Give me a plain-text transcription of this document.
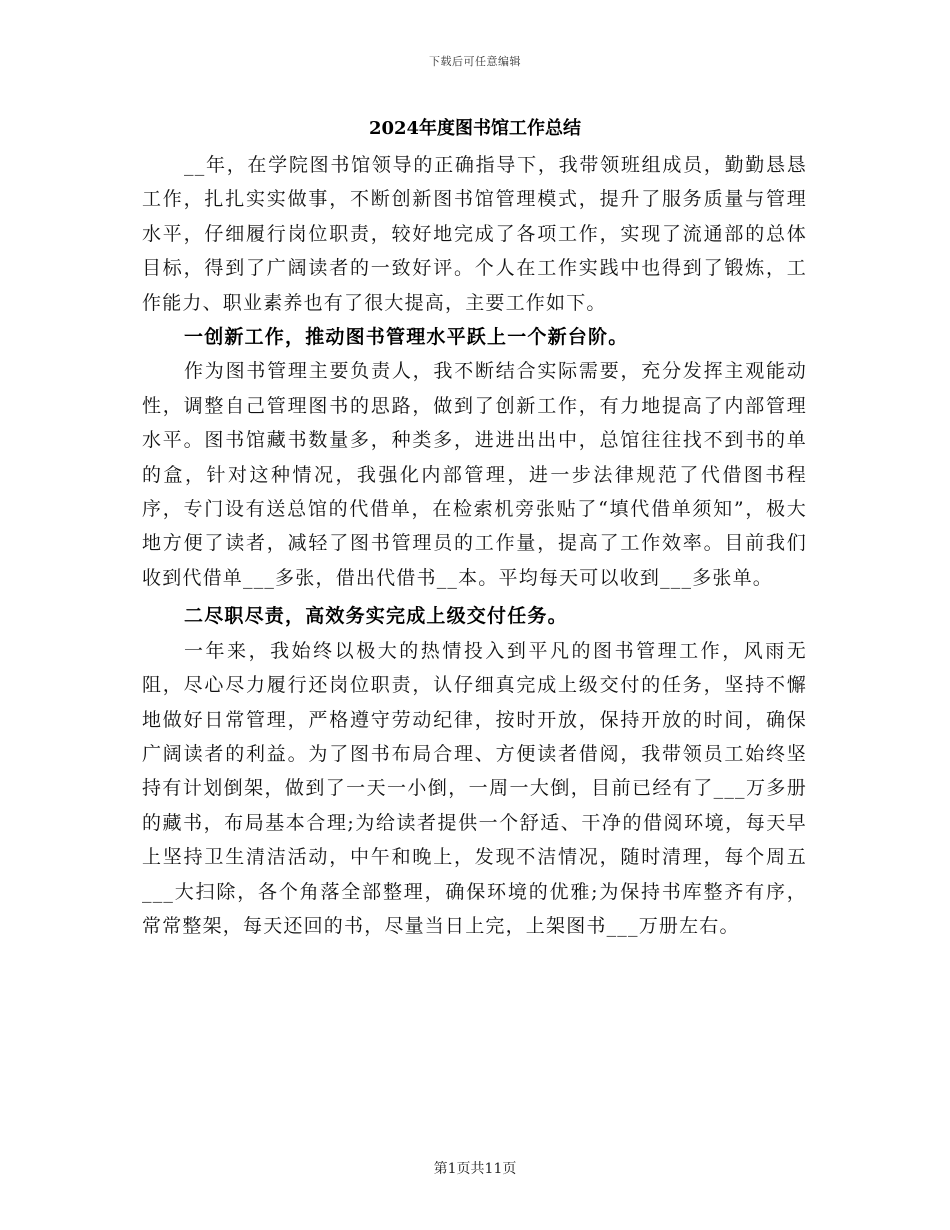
下载后可任意编辑
2024年度图书馆工作总结

__年，在学院图书馆领导的正确指导下，我带领班组成员，勤勤恳恳工作，扎扎实实做事，不断创新图书馆管理模式，提升了服务质量与管理水平，仔细履行岗位职责，较好地完成了各项工作，实现了流通部的总体目标，得到了广阔读者的一致好评。个人在工作实践中也得到了锻炼，工作能力、职业素养也有了很大提高，主要工作如下。

一创新工作，推动图书管理水平跃上一个新台阶。

作为图书管理主要负责人，我不断结合实际需要，充分发挥主观能动性，调整自己管理图书的思路，做到了创新工作，有力地提高了内部管理水平。图书馆藏书数量多，种类多，进进出出中，总馆往往找不到书的单的盒，针对这种情况，我强化内部管理，进一步法律规范了代借图书程序，专门设有送总馆的代借单，在检索机旁张贴了“填代借单须知”，极大地方便了读者，减轻了图书管理员的工作量，提高了工作效率。目前我们收到代借单___多张，借出代借书__本。平均每天可以收到___多张单。

二尽职尽责，高效务实完成上级交付任务。

一年来，我始终以极大的热情投入到平凡的图书管理工作，风雨无阻，尽心尽力履行还岗位职责，认仔细真完成上级交付的任务，坚持不懈地做好日常管理，严格遵守劳动纪律，按时开放，保持开放的时间，确保广阔读者的利益。为了图书布局合理、方便读者借阅，我带领员工始终坚持有计划倒架，做到了一天一小倒，一周一大倒，目前已经有了___万多册的藏书，布局基本合理;为给读者提供一个舒适、干净的借阅环境，每天早上坚持卫生清洁活动，中午和晚上，发现不洁情况，随时清理，每个周五___大扫除，各个角落全部整理，确保环境的优雅;为保持书库整齐有序，常常整架，每天还回的书，尽量当日上完，上架图书___万册左右。

第1页共11页
